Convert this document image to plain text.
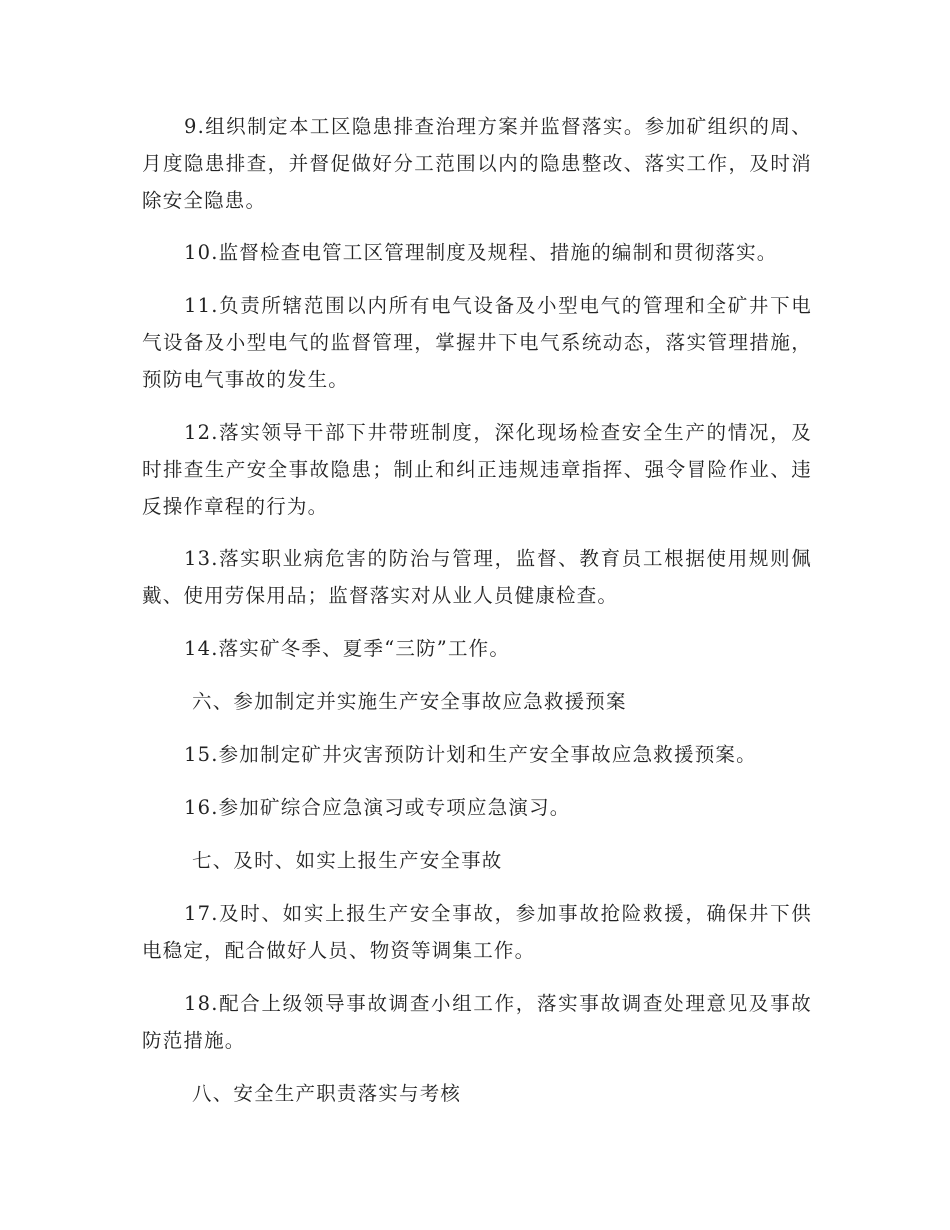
9.组织制定本工区隐患排查治理方案并监督落实。参加矿组织的周、月度隐患排查，并督促做好分工范围以内的隐患整改、落实工作，及时消除安全隐患。

10.监督检查电管工区管理制度及规程、措施的编制和贯彻落实。

11.负责所辖范围以内所有电气设备及小型电气的管理和全矿井下电气设备及小型电气的监督管理，掌握井下电气系统动态，落实管理措施，预防电气事故的发生。

12.落实领导干部下井带班制度，深化现场检查安全生产的情况，及时排查生产安全事故隐患；制止和纠正违规违章指挥、强令冒险作业、违反操作章程的行为。

13.落实职业病危害的防治与管理，监督、教育员工根据使用规则佩戴、使用劳保用品；监督落实对从业人员健康检查。

14.落实矿冬季、夏季“三防”工作。

六、参加制定并实施生产安全事故应急救援预案

15.参加制定矿井灾害预防计划和生产安全事故应急救援预案。

16.参加矿综合应急演习或专项应急演习。

七、及时、如实上报生产安全事故

17.及时、如实上报生产安全事故，参加事故抢险救援，确保井下供电稳定，配合做好人员、物资等调集工作。

18.配合上级领导事故调查小组工作，落实事故调查处理意见及事故防范措施。

八、安全生产职责落实与考核
